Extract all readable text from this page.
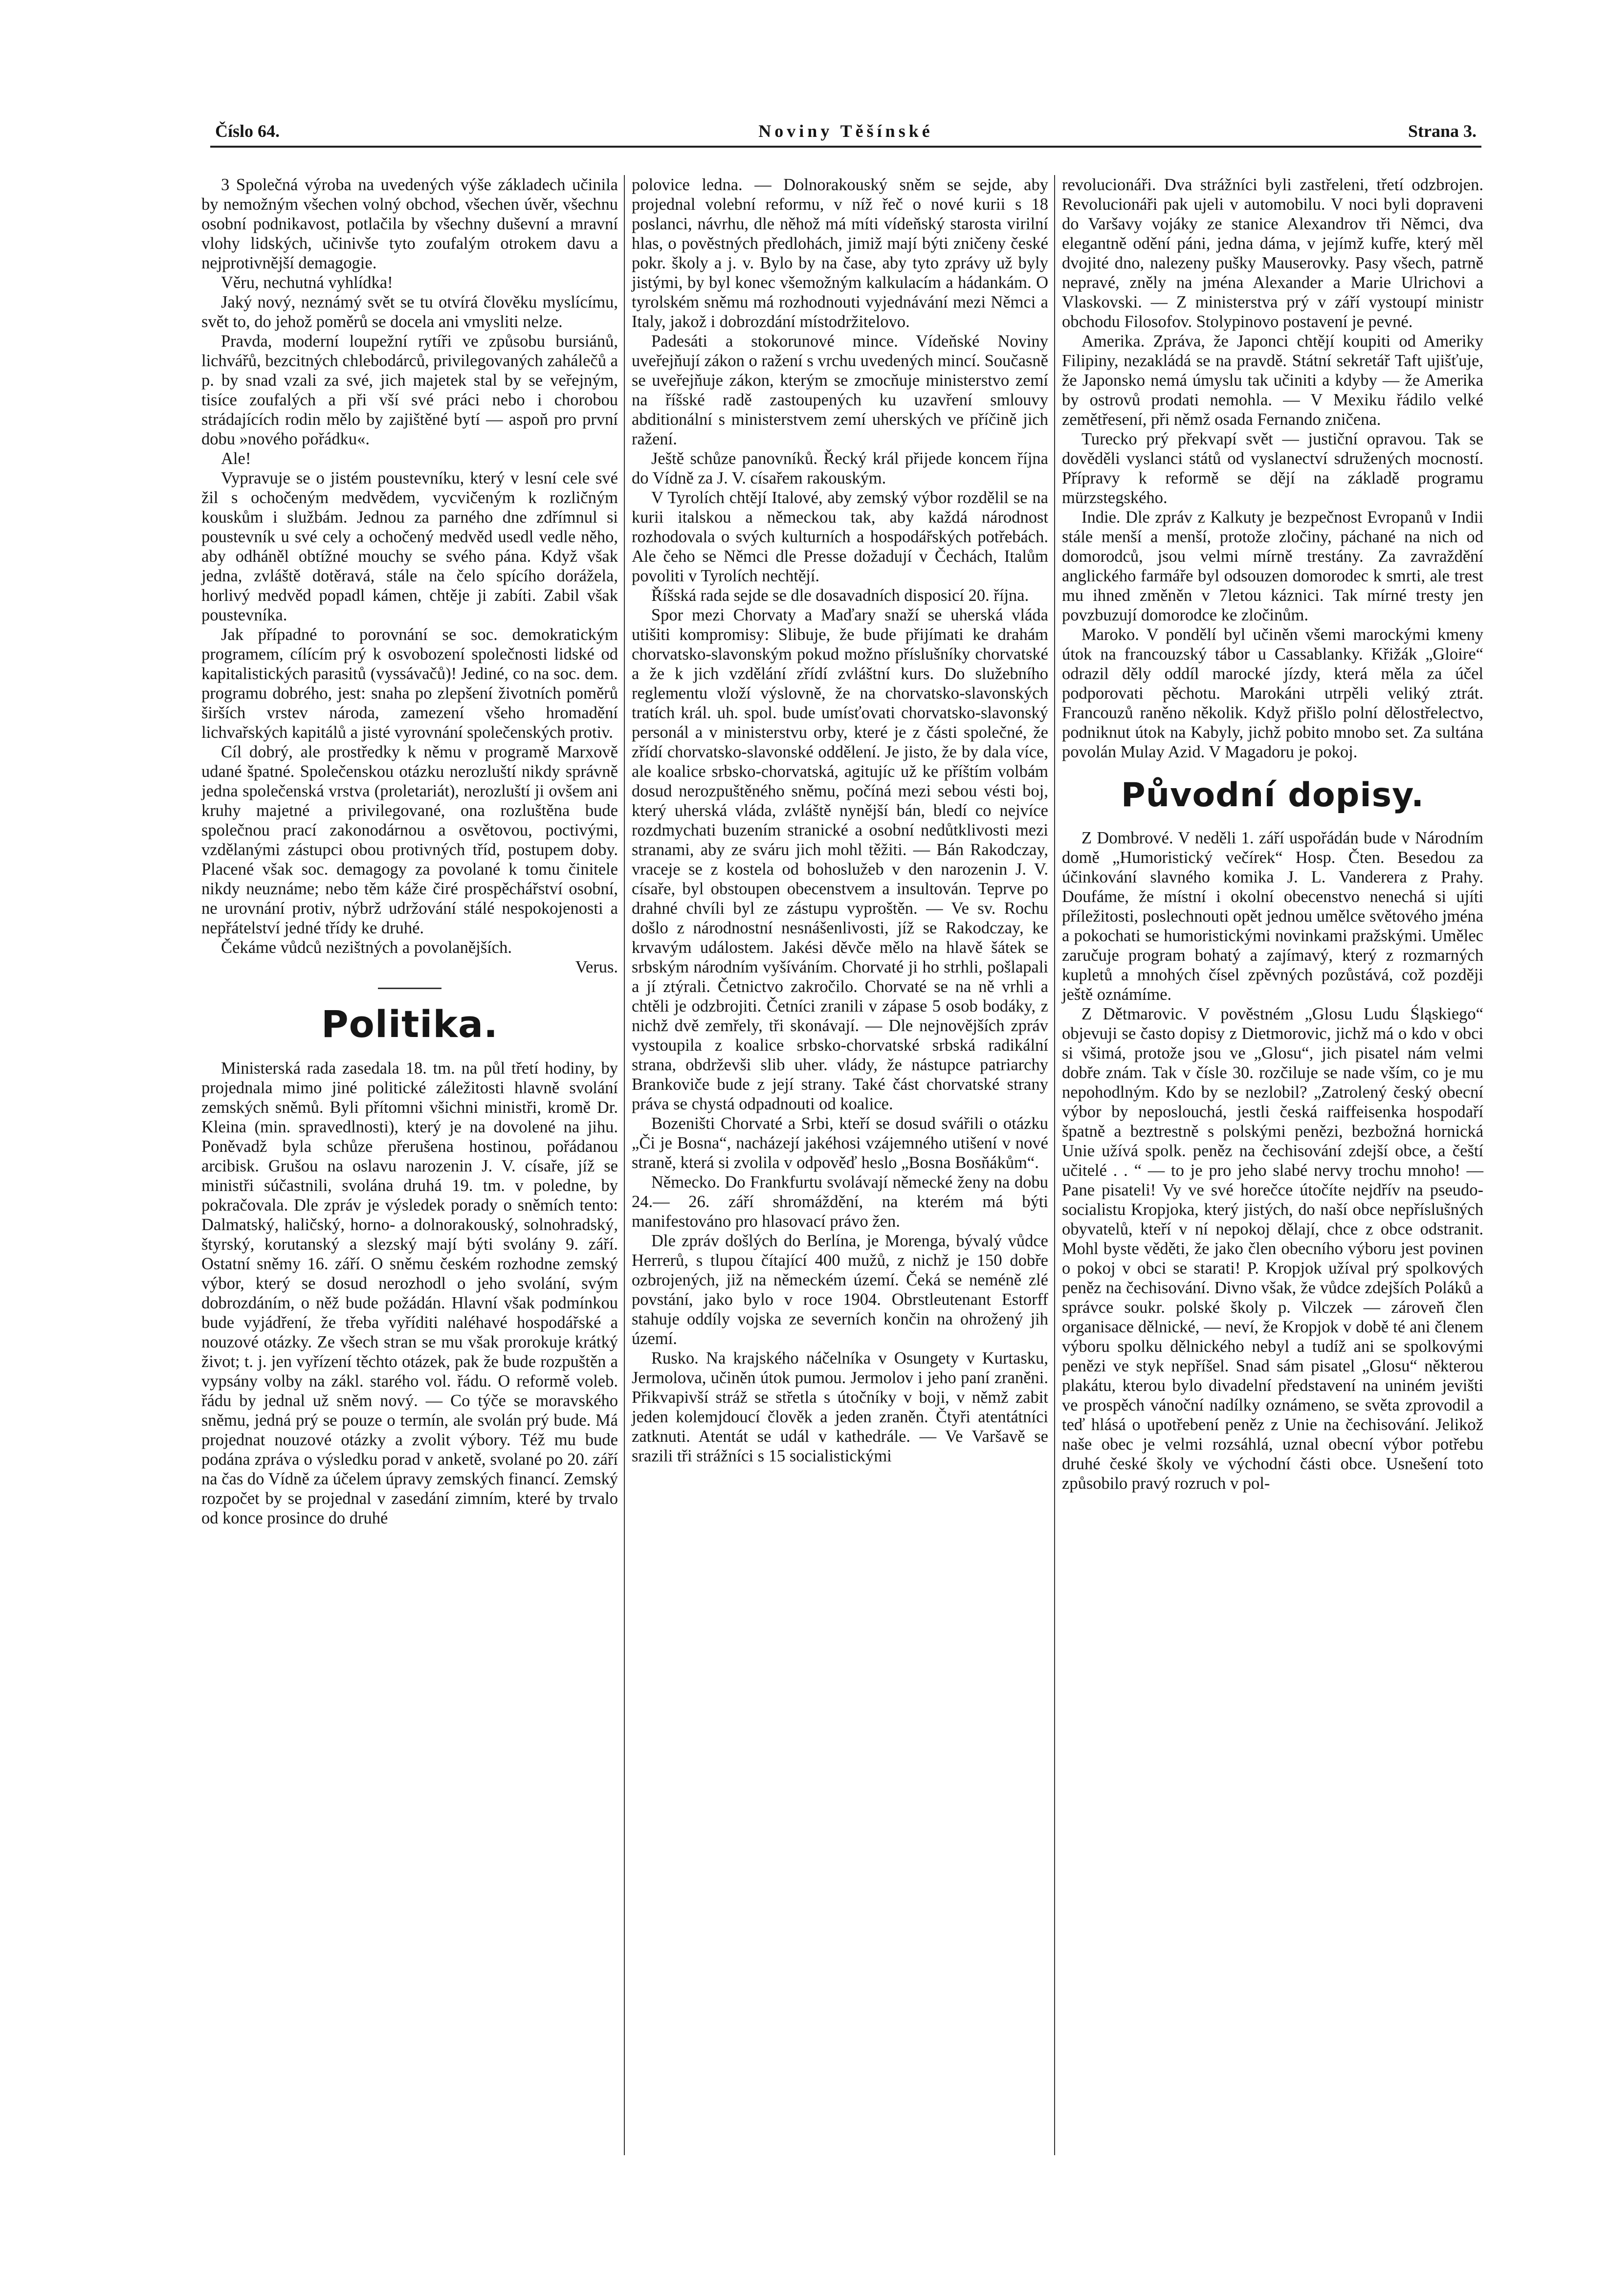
Číslo 64.	Noviny Těšínské	Strana 3.

3 Společná výroba na uvedených výše základech učinila by nemožným všechen volný obchod, všechen úvěr, všechnu osobní podnikavost, potlačila by všechny duševní a mravní vlohy lidských, učinivše tyto zoufalým otrokem davu a nejprotivnější demagogie.

Věru, nechutná vyhlídka!

Jaký nový, neznámý svět se tu otvírá člověku myslícímu, svět to, do jehož poměrů se docela ani vmysliti nelze.

Pravda, moderní loupežní rytíři ve způsobu bursiánů, lichvářů, bezcitných chlebodárců, privilegovaných zahálečů a p. by snad vzali za své, jich majetek stal by se veřejným, tisíce zoufalých a při vší své práci nebo i chorobou strádajících rodin mělo by zajištěné bytí — aspoň pro první dobu »nového pořádku«.

Ale!

Vypravuje se o jistém poustevníku, který v lesní cele své žil s ochočeným medvědem, vycvičeným k rozličným kouskům i službám. Jednou za parného dne zdřímnul si poustevník u své cely a ochočený medvěd usedl vedle něho, aby odháněl obtížné mouchy se svého pána. Když však jedna, zvláště dotěravá, stále na čelo spícího dorážela, horlivý medvěd popadl kámen, chtěje ji zabíti. Zabil však poustevníka.

Jak případné to porovnání se soc. demokratickým programem, cílícím prý k osvobození společnosti lidské od kapitalistických parasitů (vyssávačů)! Jediné, co na soc. dem. programu dobrého, jest: snaha po zlepšení životních poměrů širších vrstev národa, zamezení všeho hromadění lichvařských kapitálů a jisté vyrovnání společenských protiv.

Cíl dobrý, ale prostředky k němu v programě Marxově udané špatné. Společenskou otázku nerozluští nikdy správně jedna společenská vrstva (proletariát), nerozluští ji ovšem ani kruhy majetné a privilegované, ona rozluštěna bude společnou prací zakonodárnou a osvětovou, poctivými, vzdělanými zástupci obou protivných tříd, postupem doby. Placené však soc. demagogy za povolané k tomu činitele nikdy neuznáme; nebo těm káže čiré prospěchářství osobní, ne urovnání protiv, nýbrž udržování stálé nespokojenosti a nepřátelství jedné třídy ke druhé.

Čekáme vůdců nezištných a povolanějších.

Verus.

Politika.

Ministerská rada zasedala 18. tm. na půl třetí hodiny, by projednala mimo jiné politické záležitosti hlavně svolání zemských sněmů. Byli přítomni všichni ministři, kromě Dr. Kleina (min. spravedlnosti), který je na dovolené na jihu. Poněvadž byla schůze přerušena hostinou, pořádanou arcibisk. Grušou na oslavu narozenin J. V. císaře, jíž se ministři súčastnili, svolána druhá 19. tm. v poledne, by pokračovala. Dle zpráv je výsledek porady o sněmích tento: Dalmatský, haličský, horno- a dolnorakouský, solnohradský, štyrský, korutanský a slezský mají býti svolány 9. září. Ostatní sněmy 16. září. O sněmu českém rozhodne zemský výbor, který se dosud nerozhodl o jeho svolání, svým dobrozdáním, o něž bude požádán. Hlavní však podmínkou bude vyjádření, že třeba vyříditi naléhavé hospodářské a nouzové otázky. Ze všech stran se mu však prorokuje krátký život; t. j. jen vyřízení těchto otázek, pak že bude rozpuštěn a vypsány volby na zákl. starého vol. řádu. O reformě voleb. řádu by jednal už sněm nový. — Co týče se moravského sněmu, jedná prý se pouze o termín, ale svolán prý bude. Má projednat nouzové otázky a zvolit výbory. Též mu bude podána zpráva o výsledku porad v anketě, svolané po 20. září na čas do Vídně za účelem úpravy zemských financí. Zemský rozpočet by se projednal v zasedání zimním, které by trvalo od konce prosince do druhé

polovice ledna. — Dolnorakouský sněm se sejde, aby projednal volební reformu, v níž řeč o nové kurii s 18 poslanci, návrhu, dle něhož má míti vídeňský starosta virilní hlas, o pověstných předlohách, jimiž mají býti zničeny české pokr. školy a j. v. Bylo by na čase, aby tyto zprávy už byly jistými, by byl konec všemožným kalkulacím a hádankám. O tyrolském sněmu má rozhodnouti vyjednávání mezi Němci a Italy, jakož i dobrozdání místodržitelovo.

Padesáti a stokorunové mince. Vídeňské Noviny uveřejňují zákon o ražení s vrchu uvedených mincí. Současně se uveřejňuje zákon, kterým se zmocňuje ministerstvo zemí na říšské radě zastoupených ku uzavření smlouvy abditionální s ministerstvem zemí uherských ve příčině jich ražení.

Ještě schůze panovníků. Řecký král přijede koncem října do Vídně za J. V. císařem rakouským.

V Tyrolích chtějí Italové, aby zemský výbor rozdělil se na kurii italskou a německou tak, aby každá národnost rozhodovala o svých kulturních a hospodářských potřebách. Ale čeho se Němci dle Presse dožadují v Čechách, Italům povoliti v Tyrolích nechtějí.

Říšská rada sejde se dle dosavadních disposicí 20. října.

Spor mezi Chorvaty a Maďary snaží se uherská vláda utišiti kompromisy: Slibuje, že bude přijímati ke drahám chorvatsko-slavonským pokud možno příslušníky chorvatské a že k jich vzdělání zřídí zvláštní kurs. Do služebního reglementu vloží výslovně, že na chorvatsko-slavonských tratích král. uh. spol. bude umísťovati chorvatsko-slavonský personál a v ministerstvu orby, které je z části společné, že zřídí chorvatsko-slavonské oddělení. Je jisto, že by dala více, ale koalice srbsko-chorvatská, agitujíc už ke příštím volbám dosud nerozpuštěného sněmu, počíná mezi sebou vésti boj, který uherská vláda, zvláště nynější bán, bledí co nejvíce rozdmychati buzením stranické a osobní nedůtklivosti mezi stranami, aby ze sváru jich mohl těžiti. — Bán Rakodczay, vraceje se z kostela od bohoslužeb v den narozenin J. V. císaře, byl obstoupen obecenstvem a insultován. Teprve po drahné chvíli byl ze zástupu vyproštěn. — Ve sv. Rochu došlo z národnostní nesnášenlivosti, jíž se Rakodczay, ke krvavým událostem. Jakési děvče mělo na hlavě šátek se srbským národním vyšíváním. Chorvaté ji ho strhli, pošlapali a jí ztýrali. Četnictvo zakročilo. Chorvaté se na ně vrhli a chtěli je odzbrojiti. Četníci zranili v zápase 5 osob bodáky, z nichž dvě zemřely, tři skonávají. — Dle nejnovějších zpráv vystoupila z koalice srbsko-chorvatské srbská radikální strana, obdrževši slib uher. vlády, že nástupce patriarchy Brankoviče bude z její strany. Také část chorvatské strany práva se chystá odpadnouti od koalice.

Bozeništi Chorvaté a Srbi, kteří se dosud svářili o otázku „Či je Bosna“, nacházejí jakéhosi vzájemného utišení v nové straně, která si zvolila v odpověď heslo „Bosna Bosňákům“.

Německo. Do Frankfurtu svolávají německé ženy na dobu 24.— 26. září shromáždění, na kterém má býti manifestováno pro hlasovací právo žen.

Dle zpráv došlých do Berlína, je Morenga, bývalý vůdce Herrerů, s tlupou čítající 400 mužů, z nichž je 150 dobře ozbrojených, již na německém území. Čeká se neméně zlé povstání, jako bylo v roce 1904. Obrstleutenant Estorff stahuje oddíly vojska ze severních končin na ohrožený jih území.

Rusko. Na krajského náčelníka v Osungety v Kurtasku, Jermolova, učiněn útok pumou. Jermolov i jeho paní zraněni. Přikvapivší stráž se střetla s útočníky v boji, v němž zabit jeden kolemjdoucí člověk a jeden zraněn. Čtyři atentátníci zatknuti. Atentát se udál v kathedrále. — Ve Varšavě se srazili tři strážníci s 15 socialistickými

revolucionáři. Dva strážníci byli zastřeleni, třetí odzbrojen. Revolucionáři pak ujeli v automobilu. V noci byli dopraveni do Varšavy vojáky ze stanice Alexandrov tři Němci, dva elegantně odění páni, jedna dáma, v jejímž kufře, který měl dvojité dno, nalezeny pušky Mauserovky. Pasy všech, patrně nepravé, zněly na jména Alexander a Marie Ulrichovi a Vlaskovski. — Z ministerstva prý v září vystoupí ministr obchodu Filosofov. Stolypinovo postavení je pevné.

Amerika. Zpráva, že Japonci chtějí koupiti od Ameriky Filipiny, nezakládá se na pravdě. Státní sekretář Taft ujišťuje, že Japonsko nemá úmyslu tak učiniti a kdyby — že Amerika by ostrovů prodati nemohla. — V Mexiku řádilo velké zemětřesení, při němž osada Fernando zničena.

Turecko prý překvapí svět — justiční opravou. Tak se dověděli vyslanci států od vyslanectví sdružených mocností. Přípravy k reformě se dějí na základě programu mürzstegského.

Indie. Dle zpráv z Kalkuty je bezpečnost Evropanů v Indii stále menší a menší, protože zločiny, páchané na nich od domorodců, jsou velmi mírně trestány. Za zavraždění anglického farmáře byl odsouzen domorodec k smrti, ale trest mu ihned změněn v 7letou káznici. Tak mírné tresty jen povzbuzují domorodce ke zločinům.

Maroko. V pondělí byl učiněn všemi marockými kmeny útok na francouzský tábor u Cassablanky. Křižák „Gloire“ odrazil děly oddíl marocké jízdy, která měla za účel podporovati pěchotu. Marokáni utrpěli veliký ztrát. Francouzů raněno několik. Když přišlo polní dělostřelectvo, podniknut útok na Kabyly, jichž pobito mnobo set. Za sultána povolán Mulay Azid. V Magadoru je pokoj.

Původní dopisy.

Z Dombrové. V neděli 1. září uspořádán bude v Národním domě „Humoristický večírek“ Hosp. Čten. Besedou za účinkování slavného komika J. L. Vanderera z Prahy. Doufáme, že místní i okolní obecenstvo nenechá si ujíti příležitosti, poslechnouti opět jednou umělce světového jména a pokochati se humoristickými novinkami pražskými. Umělec zaručuje program bohatý a zajímavý, který z rozmarných kupletů a mnohých čísel zpěvných pozůstává, což později ještě oznámíme.

Z Dětmarovic. V pověstném „Glosu Ludu Śląskiego“ objevuji se často dopisy z Dietmorovic, jichž má o kdo v obci si všimá, protože jsou ve „Glosu“, jich pisatel nám velmi dobře znám. Tak v čísle 30. rozčiluje se nade vším, co je mu nepohodlným. Kdo by se nezlobil? „Zatrolený český obecní výbor by neposlouchá, jestli česká raiffeisenka hospodaří špatně a beztrestně s polskými penězi, bezbožná hornická Unie užívá spolk. peněz na čechisování zdejší obce, a čeští učitelé . . “ — to je pro jeho slabé nervy trochu mnoho! — Pane pisateli! Vy ve své horečce útočíte nejdřív na pseudo-socialistu Kropjoka, který jistých, do naší obce nepříslušných obyvatelů, kteří v ní nepokoj dělají, chce z obce odstranit. Mohl byste věděti, že jako člen obecního výboru jest povinen o pokoj v obci se starati! P. Kropjok užíval prý spolkových peněz na čechisování. Divno však, že vůdce zdejších Poláků a správce soukr. polské školy p. Vilczek — zároveň člen organisace dělnické, — neví, že Kropjok v době té ani členem výboru spolku dělnického nebyl a tudíž ani se spolkovými penězi ve styk nepříšel. Snad sám pisatel „Glosu“ některou plakátu, kterou bylo divadelní představení na uniném jevišti ve prospěch vánoční nadílky oznámeno, se světa zprovodil a teď hlásá o upotřebení peněz z Unie na čechisování. Jelikož naše obec je velmi rozsáhlá, uznal obecní výbor potřebu druhé české školy ve východní části obce. Usnešení toto způsobilo pravý rozruch v pol-
